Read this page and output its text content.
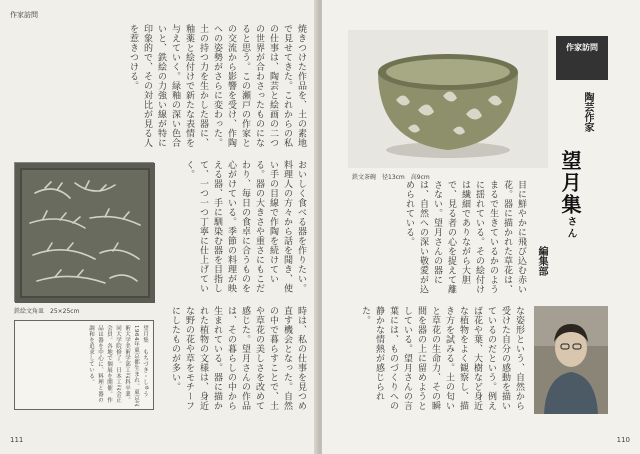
作家訪問
焼きつけた作品を、土の素地で見せてきた。これからの私の仕事は、陶芸と絵画の二つの世界が合わさったものになると思う。この瀬戸の作家との交流から影響を受け、作陶への姿勢がさらに変わった。土の持つ力を生かした器に、釉薬と絵付けで新たな表情を与えていく。緑釉の深い色合いと、鉄絵の力強い線が特に印象的で、その対比が見る人を惹きつける。
おいしく食べる器を作りたい。料理人の方々から話を聞き、使い手の目線で作陶を続けている。器の大きさや重さにもこだわり、毎日の食卓に合うものを心がけている。季節の料理が映える器、手に馴染む器を目指して、一つ一つ丁寧に仕上げていく。
時は、私の仕事を見つめ直す機会となった。自然の中で暮らすことで、土や草花の美しさを改めて感じた。望月さんの作品は、その暮らしの中から生まれている。器に描かれた植物の文様は、身近な野の花や草をモチーフにしたものが多い。
鉄絵文角皿　25×25cm
望月集　もちづき・しゅう　1964年東京都生まれ。東京芸術大学美術学部工芸科卒業。同大学院修了。日本工芸会正会員。各地で個展を開催。作品は器を中心に、料理と器の調和を追求している。
111
鉄文茶碗　径13cm　高9cm
作家訪問
309
陶芸作家
望月集さん
編集部
目に鮮やかに飛び込む赤い花。器に描かれた草花は、まるで生きているかのように揺れている。その絵付けは繊細でありながら大胆で、見る者の心を捉えて離さない。望月さんの器には、自然への深い敬愛が込められている。
な姿形という、自然から受けた自分の感動を描いているのだという。例えば花や葉、大樹など身近な植物をよく観察し、描き方を試みる。土の匂いと草花の生命力、その瞬間を器の上に留めようとしている。望月さんの言葉には、ものづくりへの静かな情熱が感じられた。
110
